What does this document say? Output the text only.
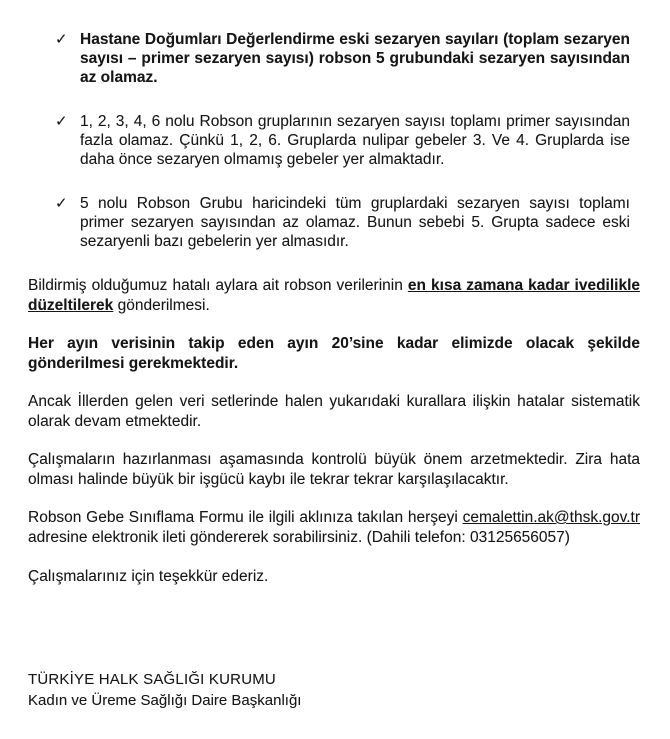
✓ Hastane Doğumları Değerlendirme eski sezaryen sayıları (toplam sezaryen sayısı – primer sezaryen sayısı) robson 5 grubundaki sezaryen sayısından az olamaz.
✓ 1, 2, 3, 4, 6 nolu Robson gruplarının sezaryen sayısı toplamı primer sayısından fazla olamaz. Çünkü 1, 2, 6. Gruplarda nulipar gebeler 3. Ve 4. Gruplarda ise daha önce sezaryen olmamış gebeler yer almaktadır.
✓ 5 nolu Robson Grubu haricindeki tüm gruplardaki sezaryen sayısı toplamı primer sezaryen sayısından az olamaz. Bunun sebebi 5. Grupta sadece eski sezaryenli bazı gebelerin yer almasıdır.

Bildirmiş olduğumuz hatalı aylara ait robson verilerinin en kısa zamana kadar ivedilikle düzeltilerek gönderilmesi.

Her ayın verisinin takip eden ayın 20’sine kadar elimizde olacak şekilde gönderilmesi gerekmektedir.

Ancak İllerden gelen veri setlerinde halen yukarıdaki kurallara ilişkin hatalar sistematik olarak devam etmektedir.

Çalışmaların hazırlanması aşamasında kontrolü büyük önem arzetmektedir. Zira hata olması halinde büyük bir işgücü kaybı ile tekrar tekrar karşılaşılacaktır.

Robson Gebe Sınıflama Formu ile ilgili aklınıza takılan herşeyi cemalettin.ak@thsk.gov.tr adresine elektronik ileti göndererek sorabilirsiniz. (Dahili telefon: 03125656057)

Çalışmalarınız için teşekkür ederiz.

TÜRKİYE HALK SAĞLIĞI KURUMU
Kadın ve Üreme Sağlığı Daire Başkanlığı
